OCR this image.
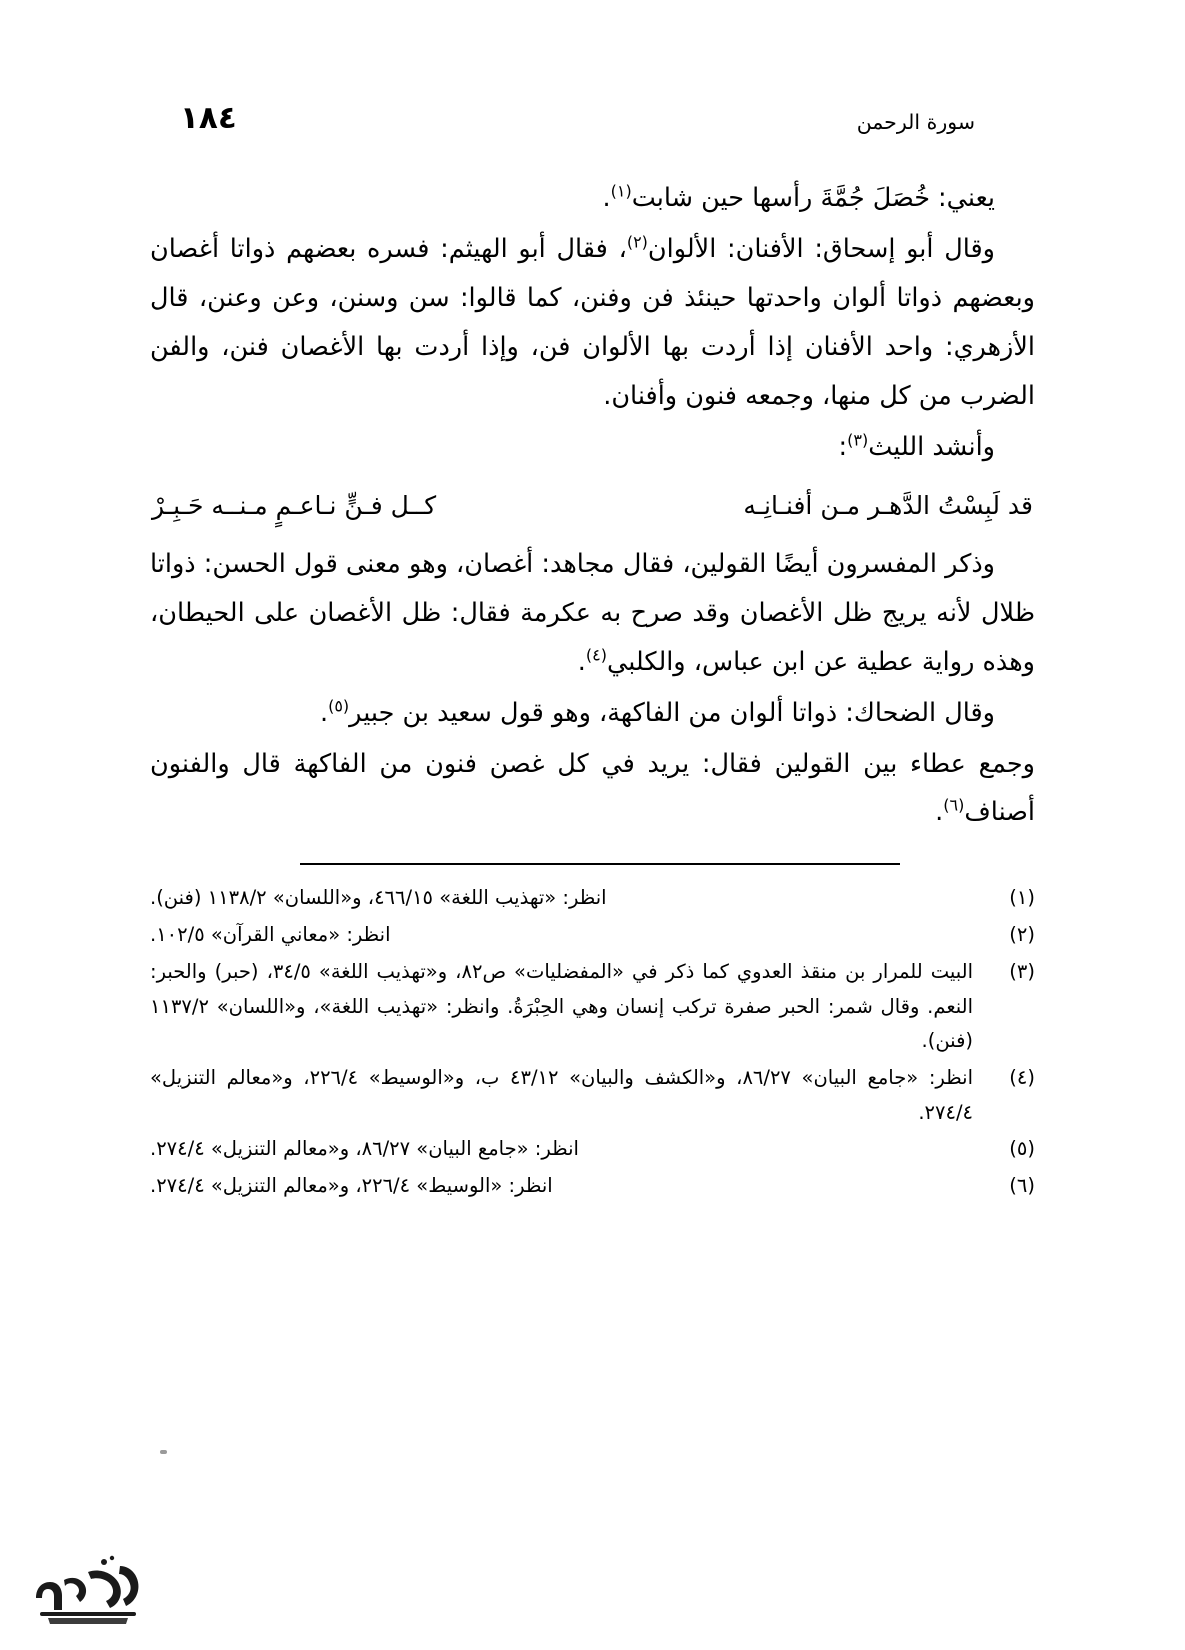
سورة الرحمن
١٨٤

يعني: خُصَلَ جُمَّةَ رأسها حين شابت$^{(١)}$.

وقال أبو إسحاق: الأفنان: الألوان$^{(٢)}$، فقال أبو الهيثم: فسره بعضهم ذواتا أغصان وبعضهم ذواتا ألوان واحدتها حينئذ فن وفنن، كما قالوا: سن وسنن، وعن وعنن، قال الأزهري: واحد الأفنان إذا أردت بها الألوان فن، وإذا أردت بها الأغصان فنن، والفن الضرب من كل منها، وجمعه فنون وأفنان.

وأنشد الليث$^{(٣)}$:

قد لَبِسْتُ الدَّهـر مـن أفنـانِـه
كــل فـنٍّ نـاعـمٍ مـنــه حَـبِـرْ

وذكر المفسرون أيضًا القولين، فقال مجاهد: أغصان، وهو معنى قول الحسن: ذواتا ظلال لأنه يريج ظل الأغصان وقد صرح به عكرمة فقال: ظل الأغصان على الحيطان، وهذه رواية عطية عن ابن عباس، والكلبي$^{(٤)}$.

وقال الضحاك: ذواتا ألوان من الفاكهة، وهو قول سعيد بن جبير$^{(٥)}$.

وجمع عطاء بين القولين فقال: يريد في كل غصن فنون من الفاكهة قال والفنون أصناف$^{(٦)}$.

(١)
انظر: «تهذيب اللغة» ٤٦٦/١٥، و«اللسان» ١١٣٨/٢ (فنن).
(٢)
انظر: «معاني القرآن» ١٠٢/٥.
(٣)
البيت للمرار بن منقذ العدوي كما ذكر في «المفضليات» ص٨٢، و«تهذيب اللغة» ٣٤/٥، (حبر) والحبر: النعم. وقال شمر: الحبر صفرة تركب إنسان وهي الحِبْرَةُ. وانظر: «تهذيب اللغة»، و«اللسان» ١١٣٧/٢ (فنن).
(٤)
انظر: «جامع البيان» ٨٦/٢٧، و«الكشف والبيان» ٤٣/١٢ ب، و«الوسيط» ٢٢٦/٤، و«معالم التنزيل» ٢٧٤/٤.
(٥)
انظر: «جامع البيان» ٨٦/٢٧، و«معالم التنزيل» ٢٧٤/٤.
(٦)
انظر: «الوسيط» ٢٢٦/٤، و«معالم التنزيل» ٢٧٤/٤.
